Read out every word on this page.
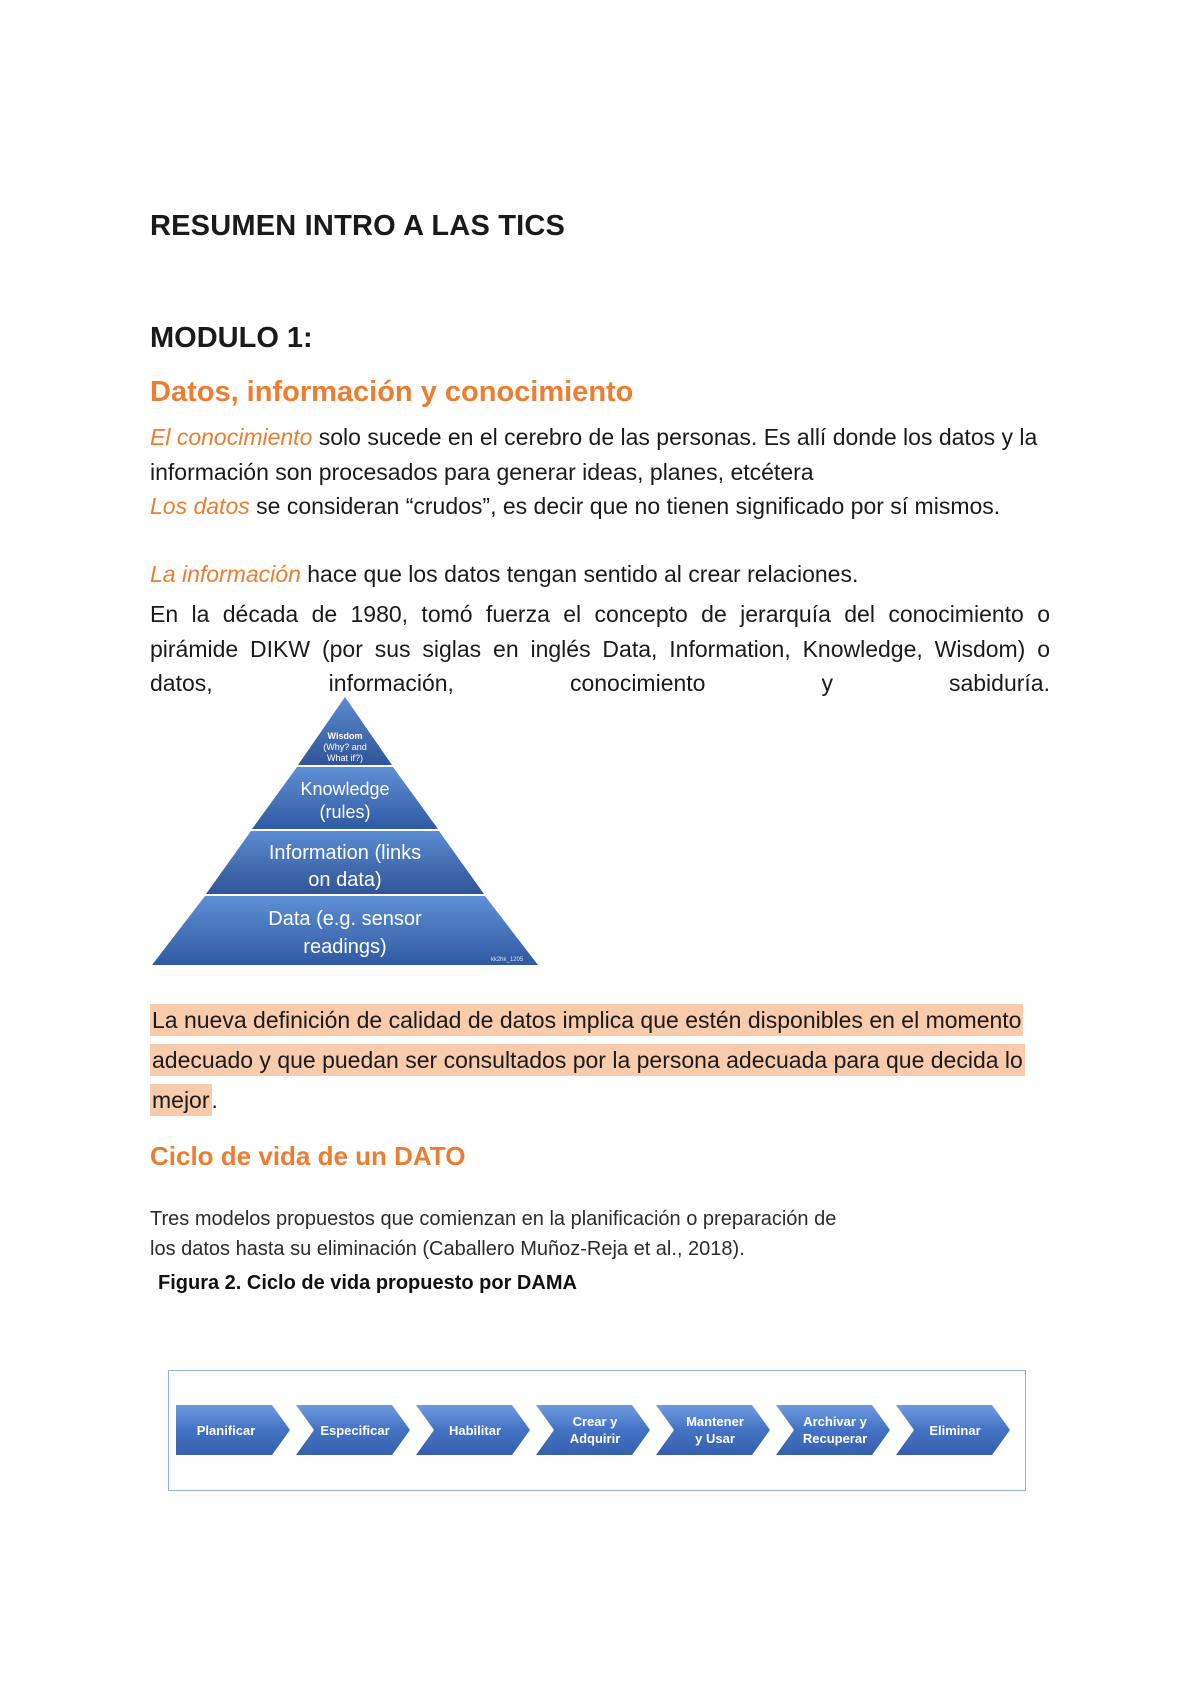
RESUMEN INTRO A LAS TICS
MODULO 1:
Datos, información y conocimiento
El conocimiento solo sucede en el cerebro de las personas. Es allí donde los datos y la información son procesados para generar ideas, planes, etcétera
Los datos se consideran “crudos”, es decir que no tienen significado por sí mismos.
La información hace que los datos tengan sentido al crear relaciones.
En la década de 1980, tomó fuerza el concepto de jerarquía del conocimiento o pirámide DIKW (por sus siglas en inglés Data, Information, Knowledge, Wisdom) o datos, información, conocimiento y sabiduría.
Wisdom
(Why? and
What if?)
Knowledge
(rules)
Information (links
on data)
Data (e.g. sensor
readings)
kk2hk_1205
La nueva definición de calidad de datos implica que estén disponibles en el momento adecuado y que puedan ser consultados por la persona adecuada para que decida lo mejor.
Ciclo de vida de un DATO
Tres modelos propuestos que comienzan en la planificación o preparación de
los datos hasta su eliminación (Caballero Muñoz-Reja et al., 2018).
Figura 2. Ciclo de vida propuesto por DAMA
Planificar	Especificar	Habilitar
Crear y
Adquirir
Mantener
y Usar
Archivar y
Recuperar
Eliminar
